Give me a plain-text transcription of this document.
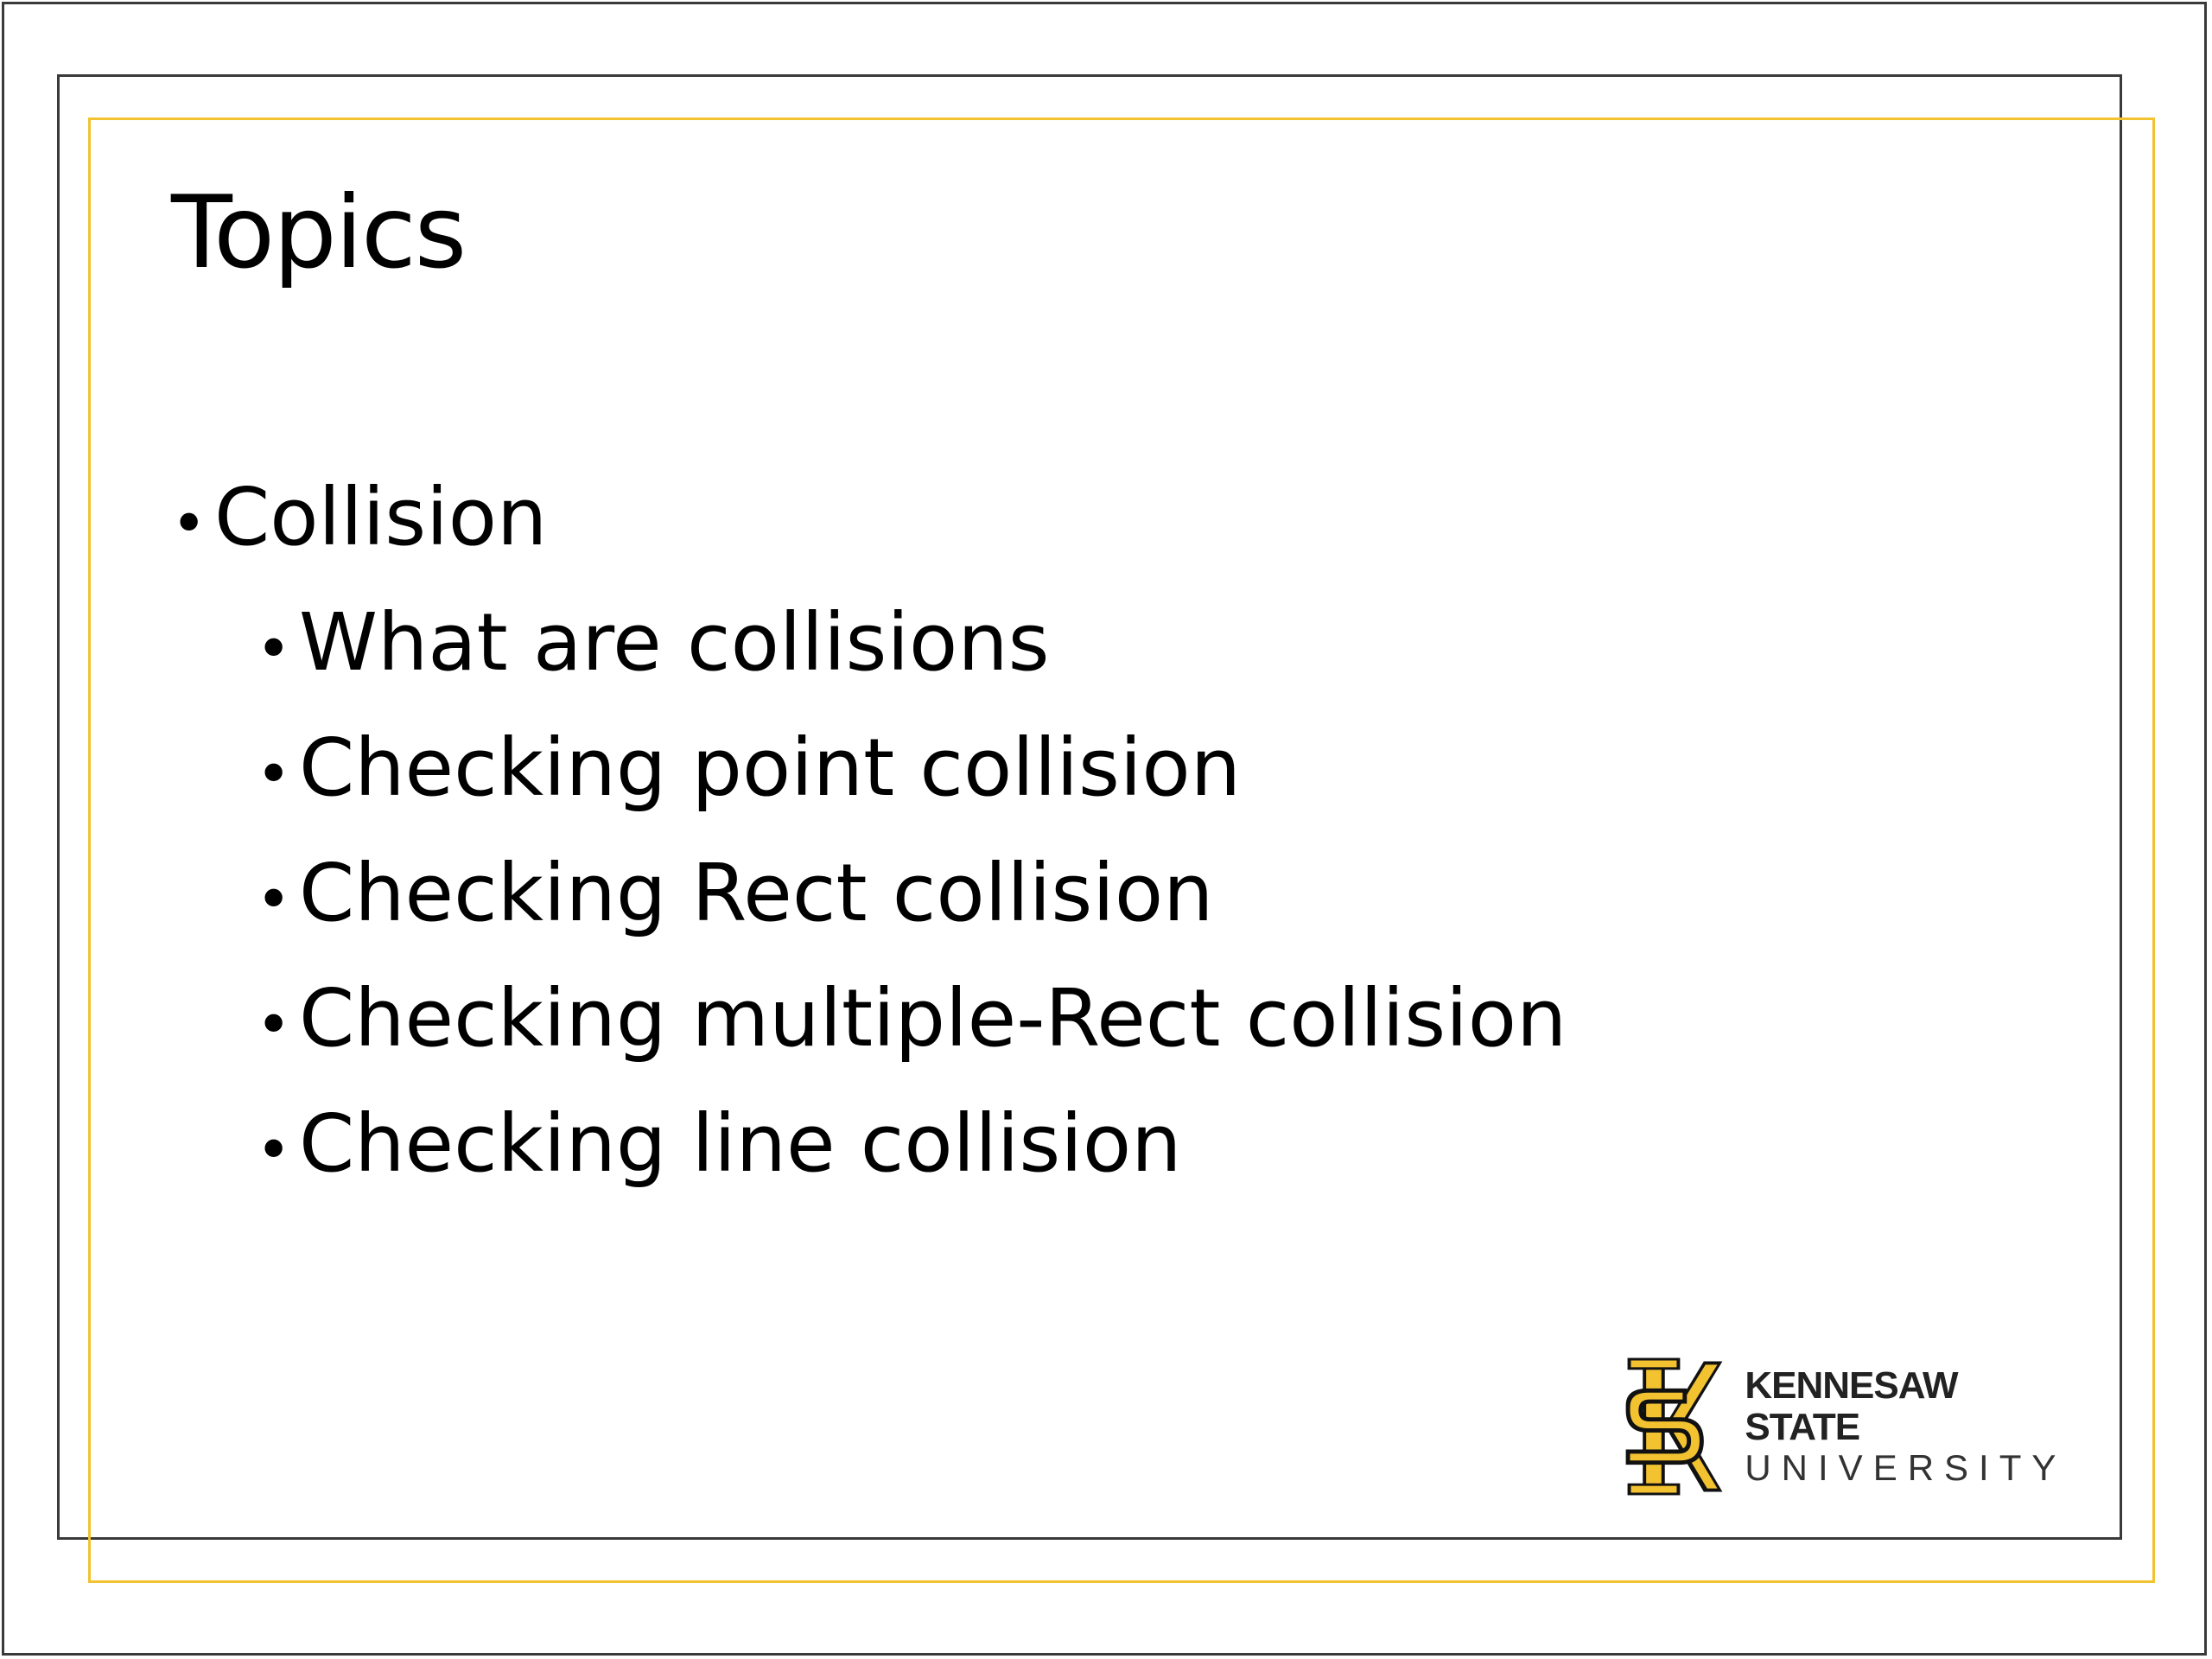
Topics
• Collision
• What are collisions
• Checking point collision
• Checking Rect collision
• Checking multiple-Rect collision
• Checking line collision
KENNESAW STATE
UNIVERSITY
